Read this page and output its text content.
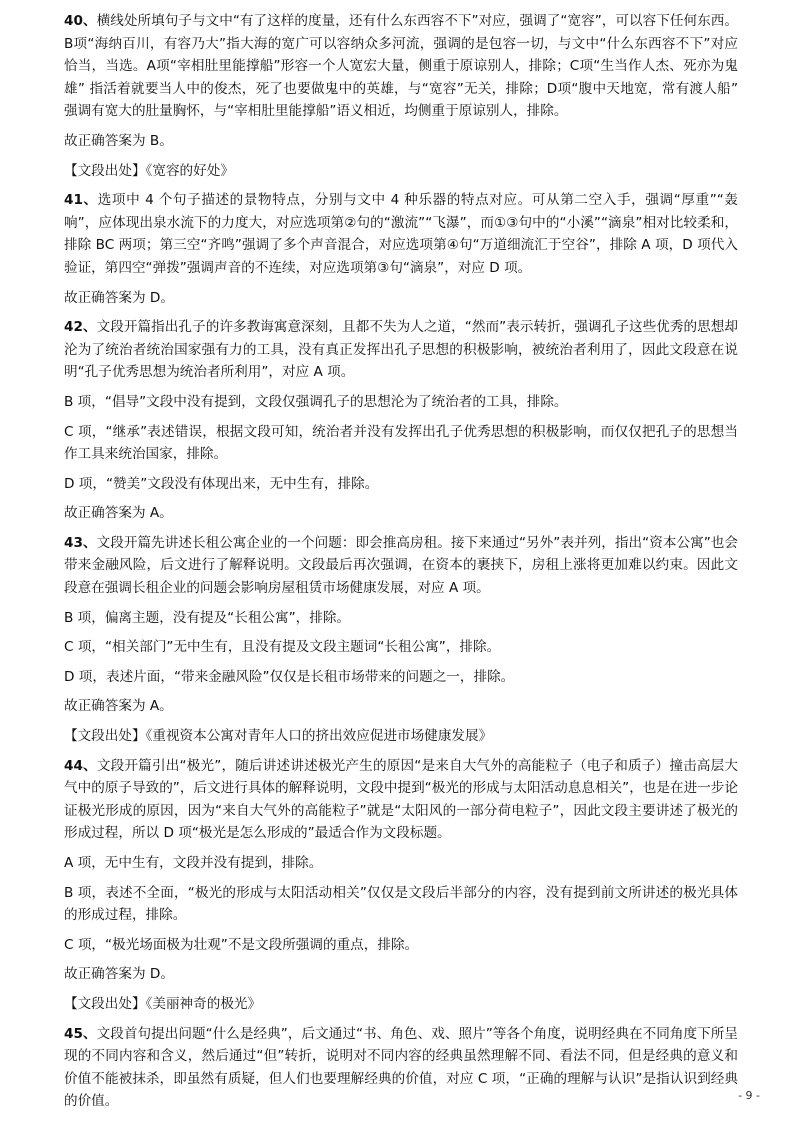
40、横线处所填句子与文中“有了这样的度量，还有什么东西容不下”对应，强调了“宽容”，可以容下任何东西。B项“海纳百川，有容乃大”指大海的宽广可以容纳众多河流，强调的是包容一切，与文中“什么东西容不下”对应恰当，当选。A项“宰相肚里能撑船”形容一个人宽宏大量，侧重于原谅别人，排除；C项“生当作人杰、死亦为鬼雄” 指活着就要当人中的俊杰，死了也要做鬼中的英雄，与“宽容”无关，排除；D项“腹中天地宽，常有渡人船” 强调有宽大的肚量胸怀，与“宰相肚里能撑船”语义相近，均侧重于原谅别人，排除。

故正确答案为 B。

【文段出处】《宽容的好处》

41、选项中 4 个句子描述的景物特点，分别与文中 4 种乐器的特点对应。可从第二空入手，强调“厚重”“轰响”，应体现出泉水流下的力度大，对应选项第②句的“激流”“飞瀑”，而①③句中的“小溪”“滴泉”相对比较柔和，排除 BC 两项；第三空“齐鸣”强调了多个声音混合，对应选项第④句“万道细流汇于空谷”，排除 A 项，D 项代入验证，第四空“弹拨”强调声音的不连续，对应选项第③句“滴泉”，对应 D 项。

故正确答案为 D。

42、文段开篇指出孔子的许多教诲寓意深刻，且都不失为人之道，“然而”表示转折，强调孔子这些优秀的思想却沦为了统治者统治国家强有力的工具，没有真正发挥出孔子思想的积极影响，被统治者利用了，因此文段意在说明“孔子优秀思想为统治者所利用”，对应 A 项。

B 项，“倡导”文段中没有提到，文段仅强调孔子的思想沦为了统治者的工具，排除。

C 项，“继承”表述错误，根据文段可知，统治者并没有发挥出孔子优秀思想的积极影响，而仅仅把孔子的思想当作工具来统治国家，排除。

D 项，“赞美”文段没有体现出来，无中生有，排除。

故正确答案为 A。

43、文段开篇先讲述长租公寓企业的一个问题：即会推高房租。接下来通过“另外”表并列，指出“资本公寓”也会带来金融风险，后文进行了解释说明。文段最后再次强调，在资本的裹挟下，房租上涨将更加难以约束。因此文段意在强调长租企业的问题会影响房屋租赁市场健康发展，对应 A 项。

B 项，偏离主题，没有提及“长租公寓”，排除。

C 项，“相关部门”无中生有，且没有提及文段主题词“长租公寓”，排除。

D 项，表述片面，“带来金融风险”仅仅是长租市场带来的问题之一，排除。

故正确答案为 A。

【文段出处】《重视资本公寓对青年人口的挤出效应促进市场健康发展》

44、文段开篇引出“极光”，随后讲述讲述极光产生的原因“是来自大气外的高能粒子（电子和质子）撞击高层大气中的原子导致的”，后文进行具体的解释说明，文段中提到“极光的形成与太阳活动息息相关”，也是在进一步论证极光形成的原因，因为“来自大气外的高能粒子”就是“太阳风的一部分荷电粒子”，因此文段主要讲述了极光的形成过程，所以 D 项“极光是怎么形成的”最适合作为文段标题。

A 项，无中生有，文段并没有提到，排除。

B 项，表述不全面，“极光的形成与太阳活动相关”仅仅是文段后半部分的内容，没有提到前文所讲述的极光具体的形成过程，排除。

C 项，“极光场面极为壮观”不是文段所强调的重点，排除。

故正确答案为 D。

【文段出处】《美丽神奇的极光》

45、文段首句提出问题“什么是经典”，后文通过“书、角色、戏、照片”等各个角度，说明经典在不同角度下所呈现的不同内容和含义，然后通过“但”转折，说明对不同内容的经典虽然理解不同、看法不同，但是经典的意义和价值不能被抹杀，即虽然有质疑，但人们也要理解经典的价值，对应 C 项，“正确的理解与认识”是指认识到经典的价值。	- 9 -
